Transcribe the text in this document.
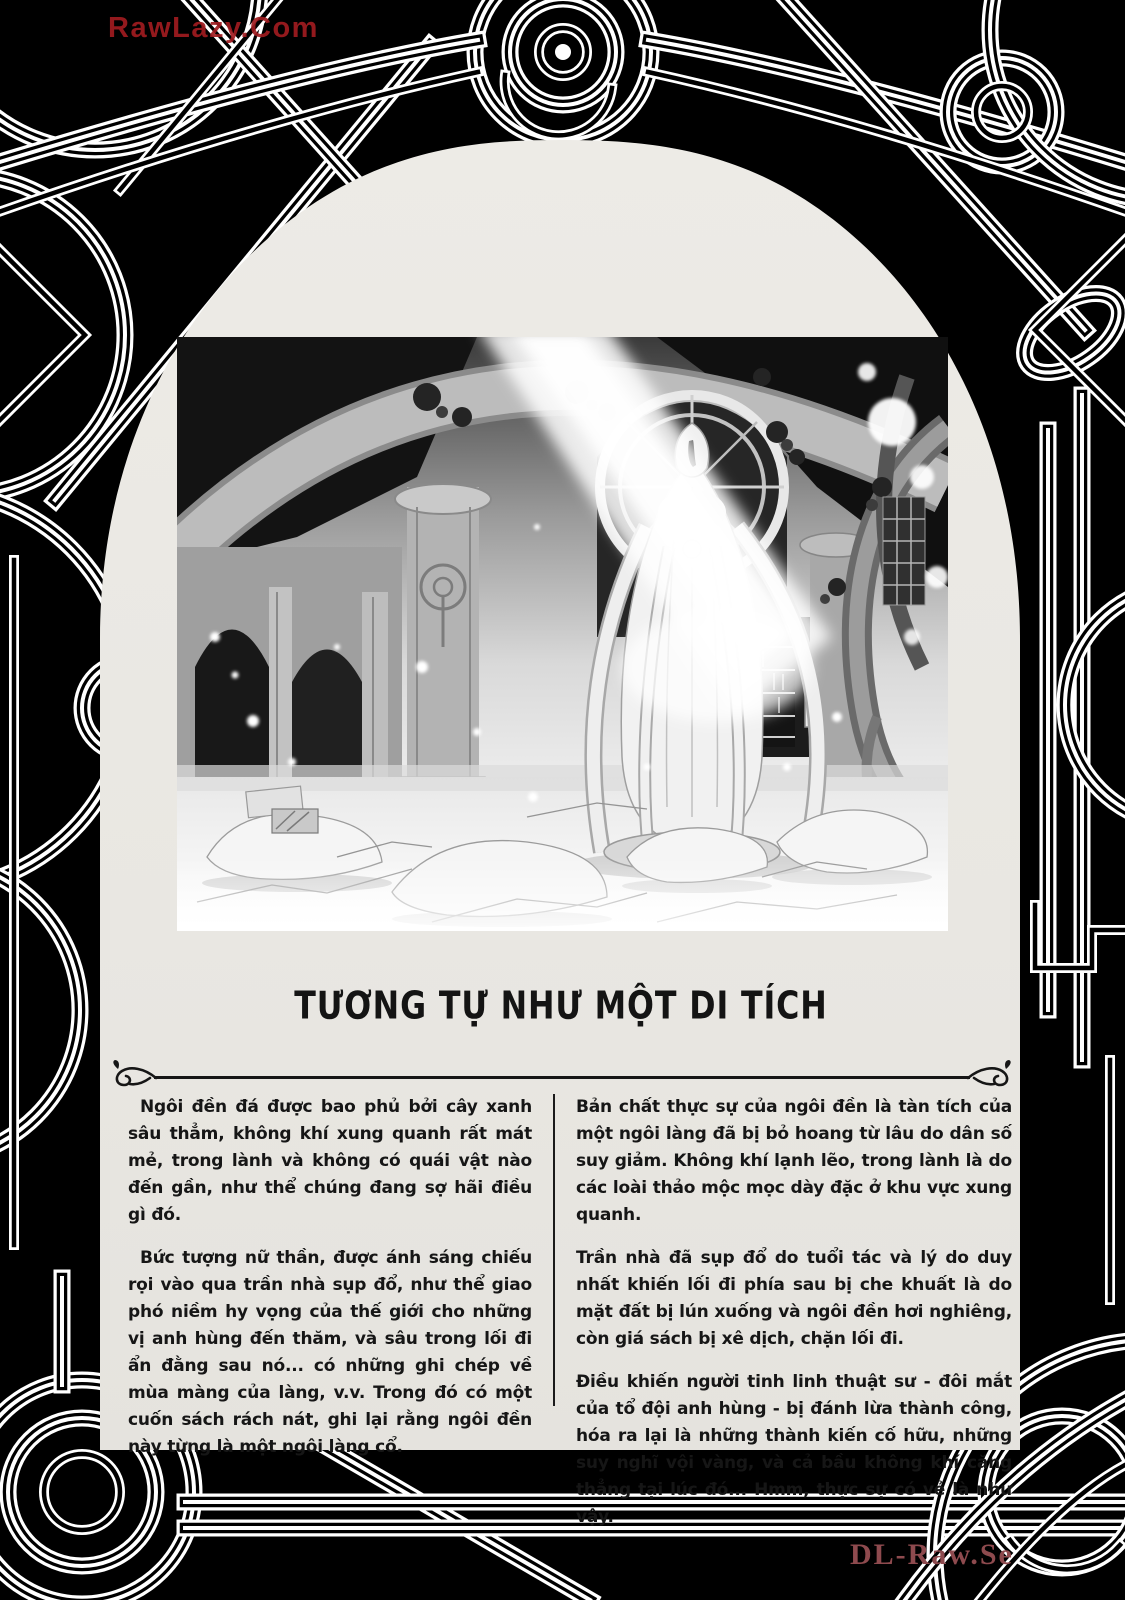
TƯƠNG TỰ NHƯ MỘT DI TÍCH

Ngôi đền đá được bao phủ bởi cây xanh sâu thẳm, không khí xung quanh rất mát mẻ, trong lành và không có quái vật nào đến gần, như thể chúng đang sợ hãi điều gì đó.

Bức tượng nữ thần, được ánh sáng chiếu rọi vào qua trần nhà sụp đổ, như thể giao phó niềm hy vọng của thế giới cho những vị anh hùng đến thăm, và sâu trong lối đi ẩn đằng sau nó... có những ghi chép về mùa màng của làng, v.v. Trong đó có một cuốn sách rách nát, ghi lại rằng ngôi đền này từng là một ngôi làng cổ.

Bản chất thực sự của ngôi đền là tàn tích của một ngôi làng đã bị bỏ hoang từ lâu do dân số suy giảm. Không khí lạnh lẽo, trong lành là do các loài thảo mộc mọc dày đặc ở khu vực xung quanh.

Trần nhà đã sụp đổ do tuổi tác và lý do duy nhất khiến lối đi phía sau bị che khuất là do mặt đất bị lún xuống và ngôi đền hơi nghiêng, còn giá sách bị xê dịch, chặn lối đi.

Điều khiến người tinh linh thuật sư - đôi mắt của tổ đội anh hùng - bị đánh lừa thành công, hóa ra lại là những thành kiến cố hữu, những suy nghĩ vội vàng, và cả bầu không khí căng thẳng tại lúc đó... Hmm, thực sự có vẻ là như vậy.

RawLazy.Com
DL-Raw.Se
